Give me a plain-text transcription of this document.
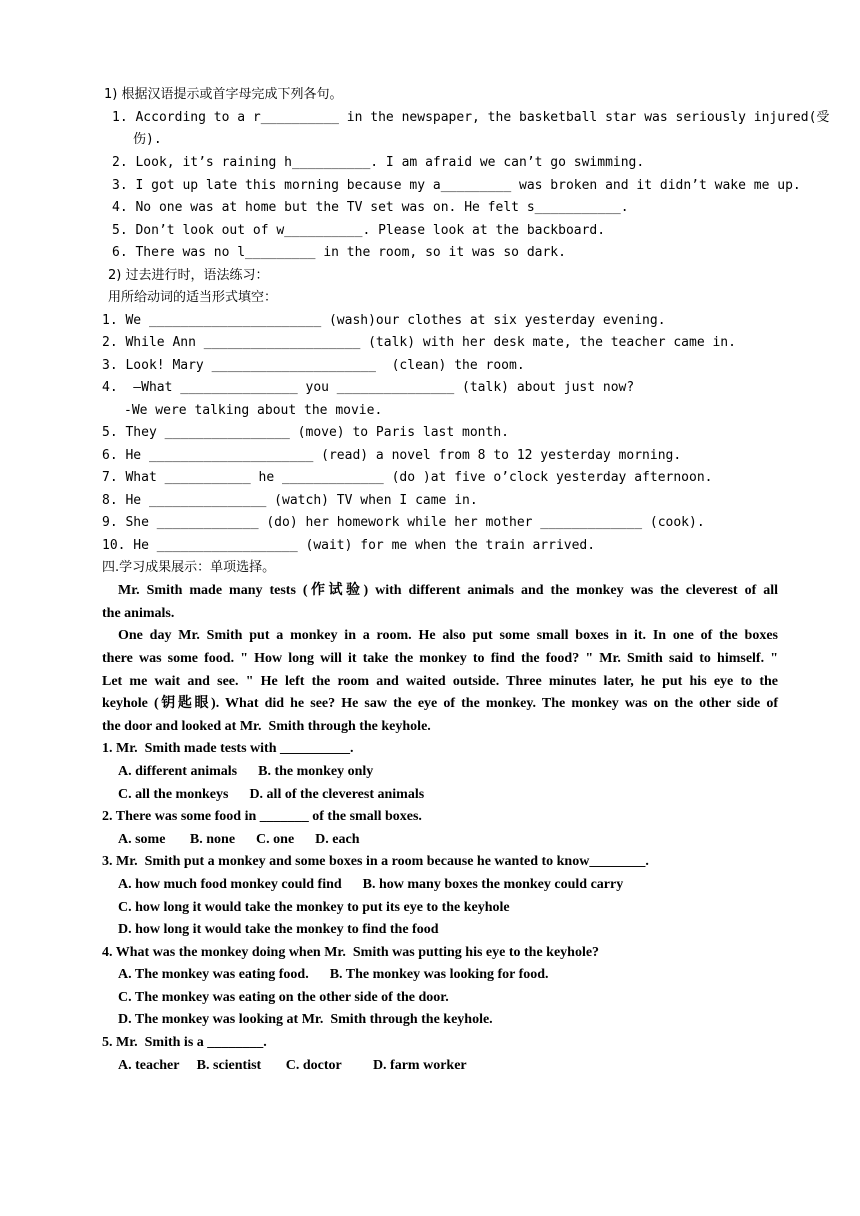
1) 根据汉语提示或首字母完成下列各句。
1. According to a r__________ in the newspaper, the basketball star was seriously injured(受
伤).
2. Look, it’s raining h__________. I am afraid we can’t go swimming.
3. I got up late this morning because my a_________ was broken and it didn’t wake me up.
4. No one was at home but the TV set was on. He felt s___________.
5. Don’t look out of w__________. Please look at the backboard.
6. There was no l_________ in the room, so it was so dark.
2) 过去进行时，语法练习：
用所给动词的适当形式填空：
1. We ______________________ (wash)our clothes at six yesterday evening.
2. While Ann ____________________ (talk) with her desk mate, the teacher came in.
3. Look! Mary _____________________  (clean) the room.
4.  –What _______________ you _______________ (talk) about just now?
-We were talking about the movie.
5. They ________________ (move) to Paris last month.
6. He _____________________ (read) a novel from 8 to 12 yesterday morning.
7. What ___________ he _____________ (do )at five o’clock yesterday afternoon.
8. He _______________ (watch) TV when I came in.
9. She _____________ (do) her homework while her mother _____________ (cook).
10. He __________________ (wait) for me when the train arrived.
四.学习成果展示：单项选择。
Mr. Smith made many tests (作试验) with different animals and the monkey was the cleverest of all
the animals.
One day Mr. Smith put a monkey in a room. He also put some small boxes in it. In one of the boxes
there was some food. " How long will it take the monkey to find the food? " Mr. Smith said to himself. "
Let me wait and see. " He left the room and waited outside. Three minutes later, he put his eye to the
keyhole (钥匙眼). What did he see? He saw the eye of the monkey. The monkey was on the other side of
the door and looked at Mr.  Smith through the keyhole.
1. Mr.  Smith made tests with __________.
A. different animals      B. the monkey only
C. all the monkeys      D. all of the cleverest animals
2. There was some food in _______ of the small boxes.
A. some       B. none      C. one      D. each
3. Mr.  Smith put a monkey and some boxes in a room because he wanted to know________.
A. how much food monkey could find      B. how many boxes the monkey could carry
C. how long it would take the monkey to put its eye to the keyhole
D. how long it would take the monkey to find the food
4. What was the monkey doing when Mr.  Smith was putting his eye to the keyhole?
A. The monkey was eating food.      B. The monkey was looking for food.
C. The monkey was eating on the other side of the door.
D. The monkey was looking at Mr.  Smith through the keyhole.
5. Mr.  Smith is a ________.
A. teacher     B. scientist       C. doctor         D. farm worker
